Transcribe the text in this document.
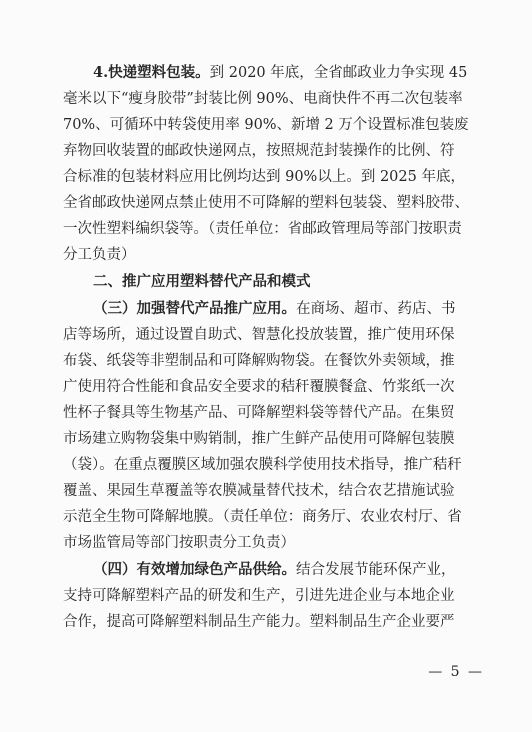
4.快递塑料包装。到 2020 年底，全省邮政业力争实现 45
毫米以下“瘦身胶带”封装比例 90%、电商快件不再二次包装率
70%、可循环中转袋使用率 90%、新增 2 万个设置标准包装废
弃物回收装置的邮政快递网点，按照规范封装操作的比例、符
合标准的包装材料应用比例均达到 90%以上。到 2025 年底，
全省邮政快递网点禁止使用不可降解的塑料包装袋、塑料胶带、
一次性塑料编织袋等。（责任单位：省邮政管理局等部门按职责
分工负责）
二、推广应用塑料替代产品和模式
（三）加强替代产品推广应用。在商场、超市、药店、书
店等场所，通过设置自助式、智慧化投放装置，推广使用环保
布袋、纸袋等非塑制品和可降解购物袋。在餐饮外卖领域，推
广使用符合性能和食品安全要求的秸秆覆膜餐盒、竹浆纸一次
性杯子餐具等生物基产品、可降解塑料袋等替代产品。在集贸
市场建立购物袋集中购销制，推广生鲜产品使用可降解包装膜
（袋）。在重点覆膜区域加强农膜科学使用技术指导，推广秸秆
覆盖、果园生草覆盖等农膜减量替代技术，结合农艺措施试验
示范全生物可降解地膜。（责任单位：商务厅、农业农村厅、省
市场监管局等部门按职责分工负责）
（四）有效增加绿色产品供给。结合发展节能环保产业，
支持可降解塑料产品的研发和生产，引进先进企业与本地企业
合作，提高可降解塑料制品生产能力。塑料制品生产企业要严
— 5 —
